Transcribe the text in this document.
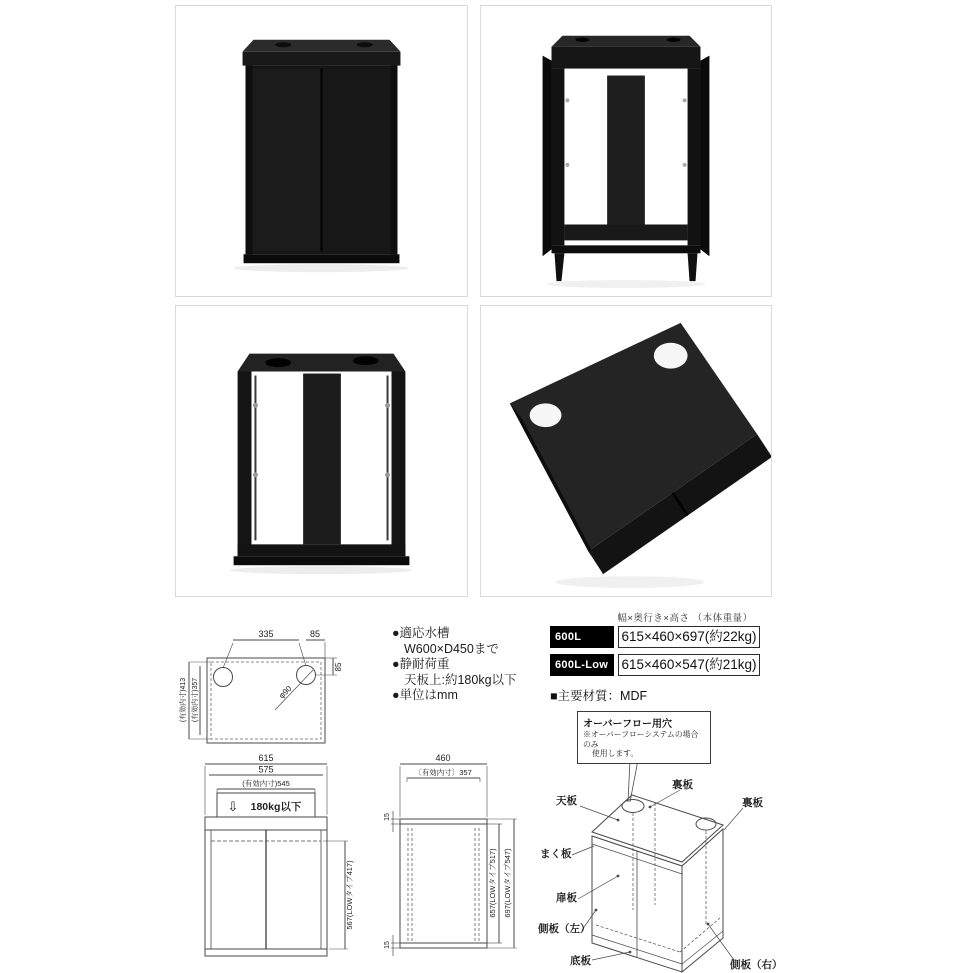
●適応水槽
W600×D450まで
●静耐荷重
天板上:約180kg以下
●単位はmm
幅×奥行き×高さ （本体重量）
600L	615×460×697(約22kg)
600L-Low 615×460×547(約21kg)
■主要材質：MDF
オーバーフロー用穴
※オーバーフローシステムの場合のみ
使用します。
335	85
85
φ90
(有効内寸)413 (有効内寸)357
615
575
(有効内寸)545
⇩ 180kg以下
567(LOWタイプ417)
460
〔有効内寸〕357
15
15
657(LOWタイプ517) 697(LOWタイプ547)
天板
裏板
裏板
まく板
扉板
側板（左）
底板	側板（右）
